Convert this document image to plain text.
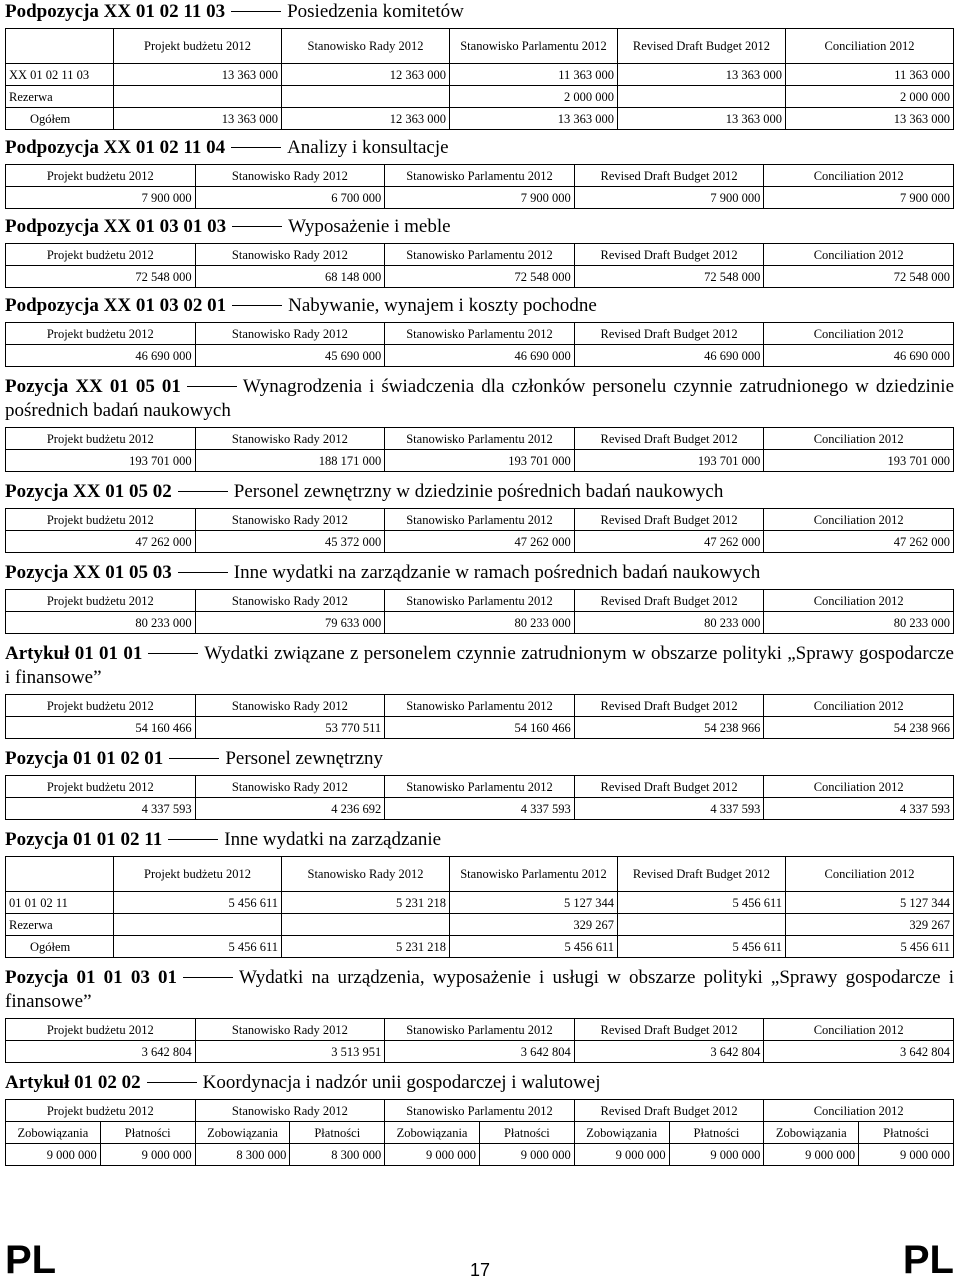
Podpozycja XX 01 02 11 03	Posiedzenia komitetów
	Projekt budżetu 2012	Stanowisko Rady 2012	Stanowisko Parlamentu 2012	Revised Draft Budget 2012	Conciliation 2012
XX 01 02 11 03	13 363 000	12 363 000	11 363 000	13 363 000	11 363 000
Rezerwa			2 000 000		2 000 000
Ogółem	13 363 000	12 363 000	13 363 000	13 363 000	13 363 000
Podpozycja XX 01 02 11 04	Analizy i konsultacje
Projekt budżetu 2012	Stanowisko Rady 2012	Stanowisko Parlamentu 2012	Revised Draft Budget 2012	Conciliation 2012
7 900 000	6 700 000	7 900 000	7 900 000	7 900 000
Podpozycja XX 01 03 01 03	Wyposażenie i meble
Projekt budżetu 2012	Stanowisko Rady 2012	Stanowisko Parlamentu 2012	Revised Draft Budget 2012	Conciliation 2012
72 548 000	68 148 000	72 548 000	72 548 000	72 548 000
Podpozycja XX 01 03 02 01	Nabywanie, wynajem i koszty pochodne
Projekt budżetu 2012	Stanowisko Rady 2012	Stanowisko Parlamentu 2012	Revised Draft Budget 2012	Conciliation 2012
46 690 000	45 690 000	46 690 000	46 690 000	46 690 000
Pozycja XX 01 05 01	Wynagrodzenia i świadczenia dla członków personelu czynnie zatrudnionego w dziedzinie pośrednich badań naukowych
Projekt budżetu 2012	Stanowisko Rady 2012	Stanowisko Parlamentu 2012	Revised Draft Budget 2012	Conciliation 2012
193 701 000	188 171 000	193 701 000	193 701 000	193 701 000
Pozycja XX 01 05 02	Personel zewnętrzny w dziedzinie pośrednich badań naukowych
Projekt budżetu 2012	Stanowisko Rady 2012	Stanowisko Parlamentu 2012	Revised Draft Budget 2012	Conciliation 2012
47 262 000	45 372 000	47 262 000	47 262 000	47 262 000
Pozycja XX 01 05 03	Inne wydatki na zarządzanie w ramach pośrednich badań naukowych
Projekt budżetu 2012	Stanowisko Rady 2012	Stanowisko Parlamentu 2012	Revised Draft Budget 2012	Conciliation 2012
80 233 000	79 633 000	80 233 000	80 233 000	80 233 000
Artykuł 01 01 01	Wydatki związane z personelem czynnie zatrudnionym w obszarze polityki „Sprawy gospodarcze i finansowe”
Projekt budżetu 2012	Stanowisko Rady 2012	Stanowisko Parlamentu 2012	Revised Draft Budget 2012	Conciliation 2012
54 160 466	53 770 511	54 160 466	54 238 966	54 238 966
Pozycja 01 01 02 01	Personel zewnętrzny
Projekt budżetu 2012	Stanowisko Rady 2012	Stanowisko Parlamentu 2012	Revised Draft Budget 2012	Conciliation 2012
4 337 593	4 236 692	4 337 593	4 337 593	4 337 593
Pozycja 01 01 02 11	Inne wydatki na zarządzanie
	Projekt budżetu 2012	Stanowisko Rady 2012	Stanowisko Parlamentu 2012	Revised Draft Budget 2012	Conciliation 2012
01 01 02 11	5 456 611	5 231 218	5 127 344	5 456 611	5 127 344
Rezerwa			329 267		329 267
Ogółem	5 456 611	5 231 218	5 456 611	5 456 611	5 456 611
Pozycja 01 01 03 01	Wydatki na urządzenia, wyposażenie i usługi w obszarze polityki „Sprawy gospodarcze i finansowe”
Projekt budżetu 2012	Stanowisko Rady 2012	Stanowisko Parlamentu 2012	Revised Draft Budget 2012	Conciliation 2012
3 642 804	3 513 951	3 642 804	3 642 804	3 642 804
Artykuł 01 02 02	Koordynacja i nadzór unii gospodarczej i walutowej
Projekt budżetu 2012		Stanowisko Rady 2012		Stanowisko Parlamentu 2012		Revised Draft Budget 2012		Conciliation 2012	
Zobowiązania	Płatności	Zobowiązania	Płatności	Zobowiązania	Płatności	Zobowiązania	Płatności	Zobowiązania	Płatności
9 000 000	9 000 000	8 300 000	8 300 000	9 000 000	9 000 000	9 000 000	9 000 000	9 000 000	9 000 000
PL	17	PL
